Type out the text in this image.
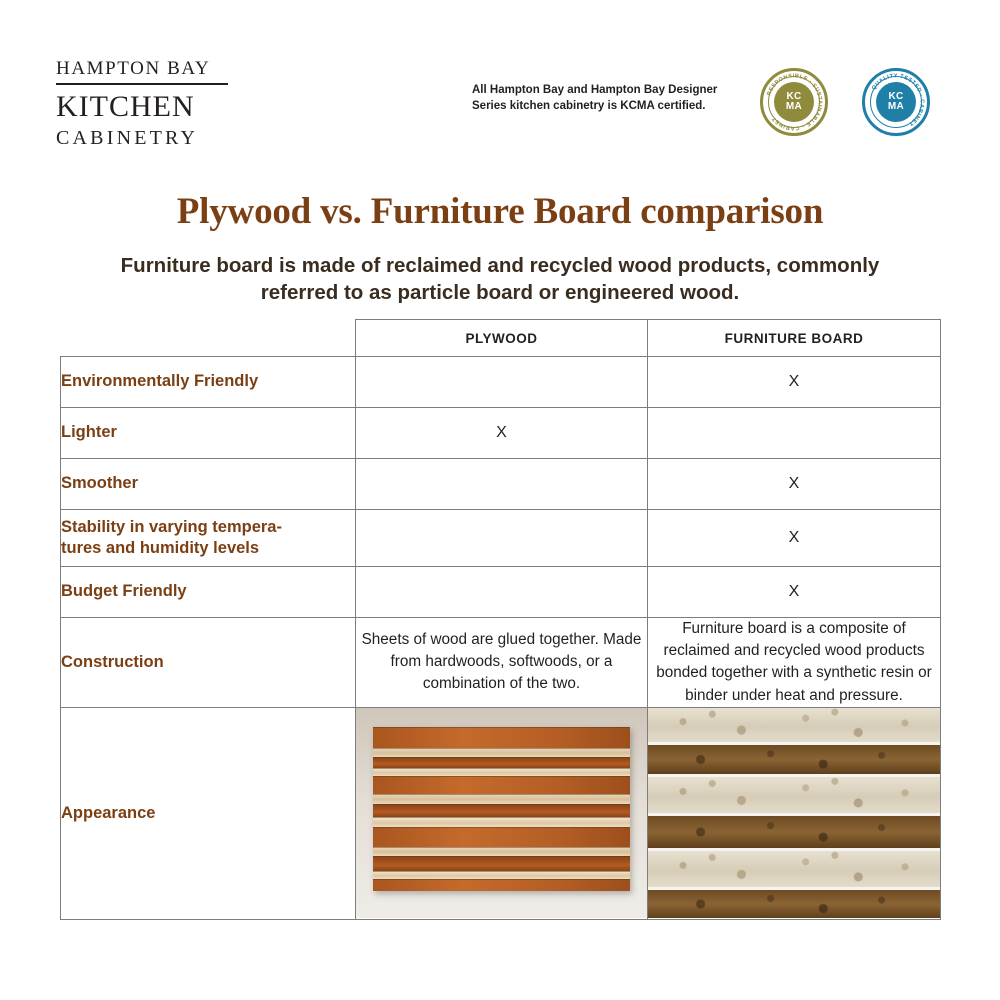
HAMPTON BAY
KITCHEN
CABINETRY
All Hampton Bay and Hampton Bay Designer Series kitchen cabinetry is KCMA certified.
RESPONSIBLE · SUSTAINABLE · CABINET
KC
MA
QUALITY TESTED · CABINET
KC
MA
Plywood vs. Furniture Board comparison
Furniture board is made of reclaimed and recycled wood products, commonly referred to as particle board or engineered wood.
	PLYWOOD	FURNITURE BOARD
Environmentally Friendly		X
Lighter	X	
Smoother		X
Stability in varying tempera-
tures and humidity levels		X
Budget Friendly		X
Construction	Sheets of wood are glued together. Made from hardwoods, softwoods, or a combination of the two.	Furniture board is a composite of reclaimed and recycled wood products bonded together with a synthetic resin or binder under heat and pressure.
Appearance	
